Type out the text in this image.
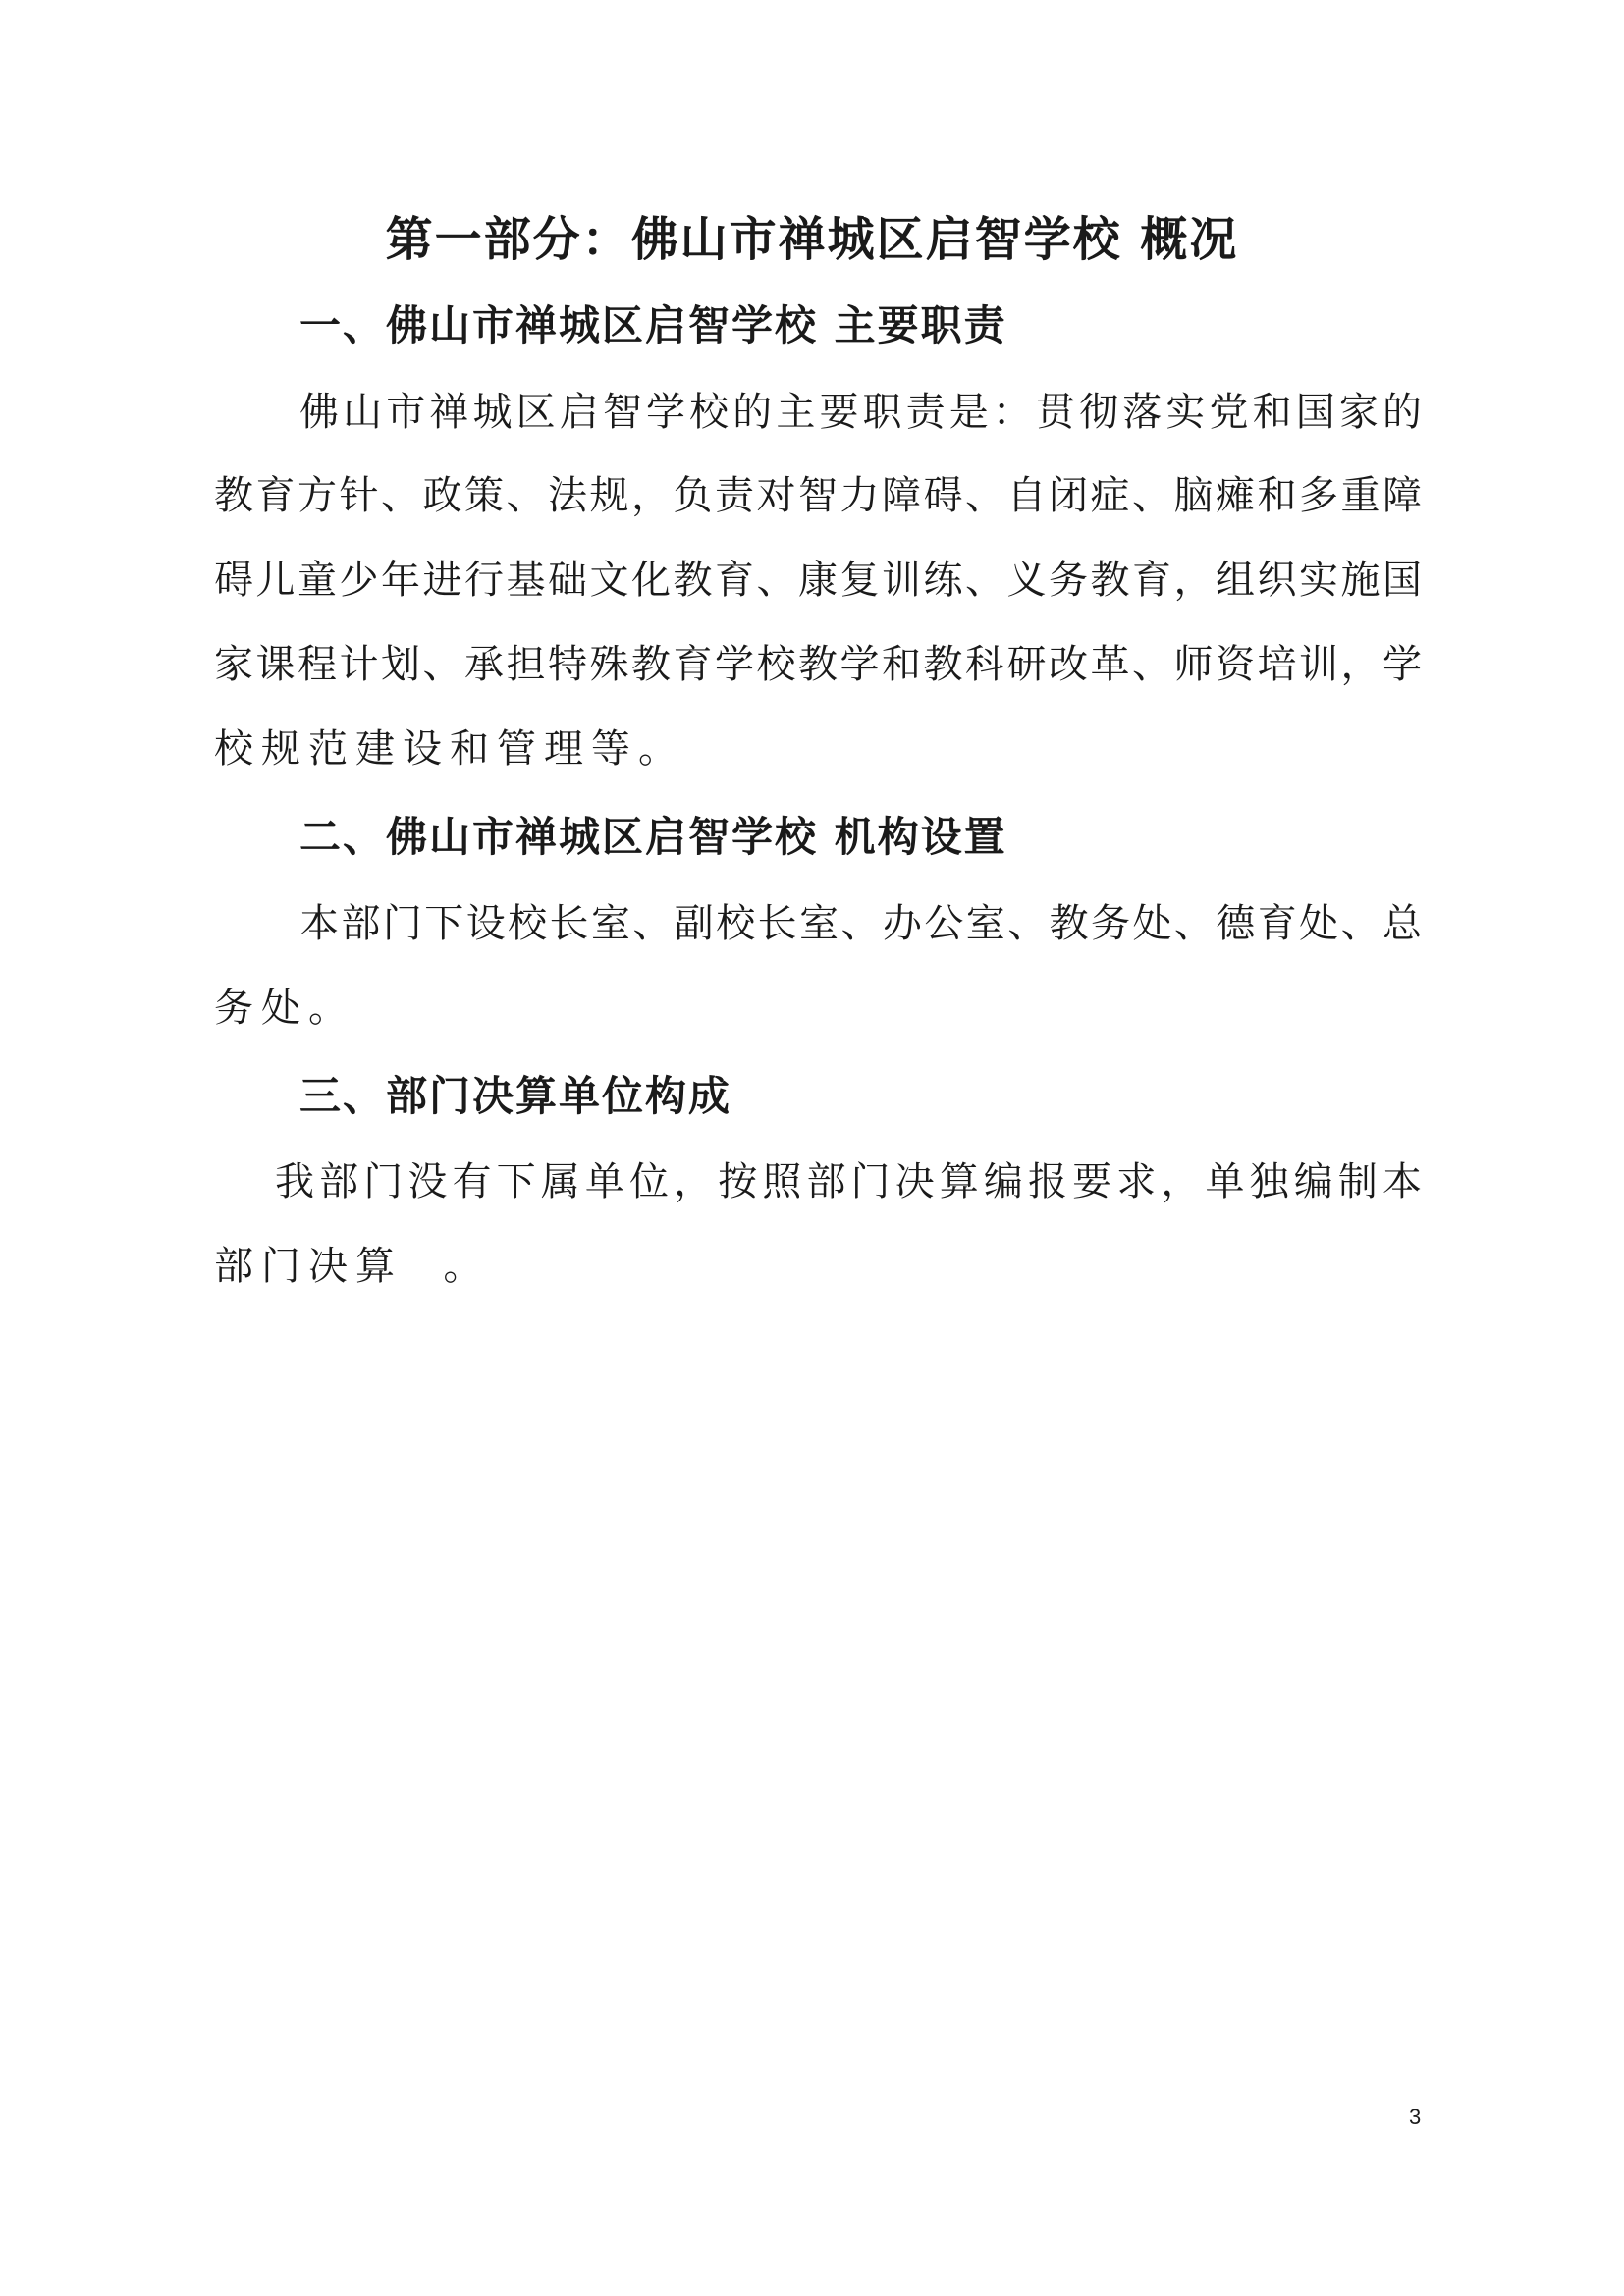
第一部分：佛山市禅城区启智学校 概况
一、佛山市禅城区启智学校 主要职责
佛山市禅城区启智学校的主要职责是：贯彻落实党和国家的
教育方针、政策、法规，负责对智力障碍、自闭症、脑瘫和多重障
碍儿童少年进行基础文化教育、康复训练、义务教育，组织实施国
家课程计划、承担特殊教育学校教学和教科研改革、师资培训，学
校规范建设和管理等。
二、佛山市禅城区启智学校 机构设置
本部门下设校长室、副校长室、办公室、教务处、德育处、总
务处。
三、部门决算单位构成
我部门没有下属单位，按照部门决算编报要求，单独编制本
部门决算  。
3
